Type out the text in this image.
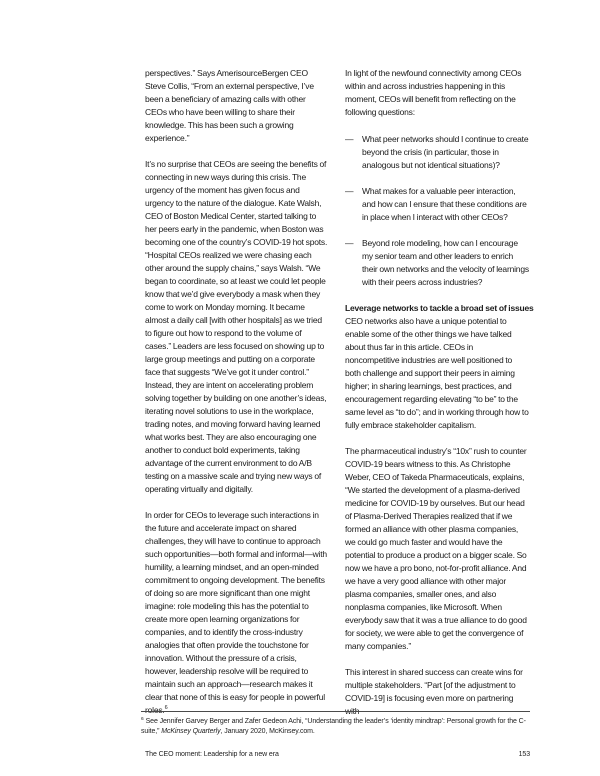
perspectives.” Says AmerisourceBergen CEO Steve Collis, “From an external perspective, I’ve been a beneficiary of amazing calls with other CEOs who have been willing to share their knowledge. This has been such a growing experience.”

It’s no surprise that CEOs are seeing the benefits of connecting in new ways during this crisis. The urgency of the moment has given focus and urgency to the nature of the dialogue. Kate Walsh, CEO of Boston Medical Center, started talking to her peers early in the pandemic, when Boston was becoming one of the country’s COVID-19 hot spots. “Hospital CEOs realized we were chasing each other around the supply chains,” says Walsh. “We began to coordinate, so at least we could let people know that we’d give everybody a mask when they come to work on Monday morning. It became almost a daily call [with other hospitals] as we tried to figure out how to respond to the volume of cases.” Leaders are less focused on showing up to large group meetings and putting on a corporate face that suggests “We’ve got it under control.” Instead, they are intent on accelerating problem solving together by building on one another’s ideas, iterating novel solutions to use in the workplace, trading notes, and moving forward having learned what works best. They are also encouraging one another to conduct bold experiments, taking advantage of the current environment to do A/B testing on a massive scale and trying new ways of operating virtually and digitally.

In order for CEOs to leverage such interactions in the future and accelerate impact on shared challenges, they will have to continue to approach such opportunities—both formal and informal—with humility, a learning mindset, and an open-minded commitment to ongoing development. The benefits of doing so are more significant than one might imagine: role modeling this has the potential to create more open learning organizations for companies, and to identify the cross-industry analogies that often provide the touchstone for innovation. Without the pressure of a crisis, however, leadership resolve will be required to maintain such an approach—research makes it clear that none of this is easy for people in powerful roles.$^6$

In light of the newfound connectivity among CEOs within and across industries happening in this moment, CEOs will benefit from reflecting on the following questions:

—	What peer networks should I continue to create beyond the crisis (in particular, those in analogous but not identical situations)?
—	What makes for a valuable peer interaction, and how can I ensure that these conditions are in place when I interact with other CEOs?
—	Beyond role modeling, how can I encourage my senior team and other leaders to enrich their own networks and the velocity of learnings with their peers across industries?

Leverage networks to tackle a broad set of issues

CEO networks also have a unique potential to enable some of the other things we have talked about thus far in this article. CEOs in noncompetitive industries are well positioned to both challenge and support their peers in aiming higher; in sharing learnings, best practices, and encouragement regarding elevating “to be” to the same level as “to do”; and in working through how to fully embrace stakeholder capitalism.

The pharmaceutical industry’s “10x” rush to counter COVID-19 bears witness to this. As Christophe Weber, CEO of Takeda Pharmaceuticals, explains, “We started the development of a plasma-derived medicine for COVID-19 by ourselves. But our head of Plasma-Derived Therapies realized that if we formed an alliance with other plasma companies, we could go much faster and would have the potential to produce a product on a bigger scale. So now we have a pro bono, not-for-profit alliance. And we have a very good alliance with other major plasma companies, smaller ones, and also nonplasma companies, like Microsoft. When everybody saw that it was a true alliance to do good for society, we were able to get the convergence of many companies.”

This interest in shared success can create wins for multiple stakeholders. “Part [of the adjustment to COVID-19] is focusing even more on partnering with

$^6$ See Jennifer Garvey Berger and Zafer Gedeon Achi, “Understanding the leader’s ‘identity mindtrap’: Personal growth for the C-suite,” McKinsey Quarterly, January 2020, McKinsey.com.
The CEO moment: Leadership for a new era	153
